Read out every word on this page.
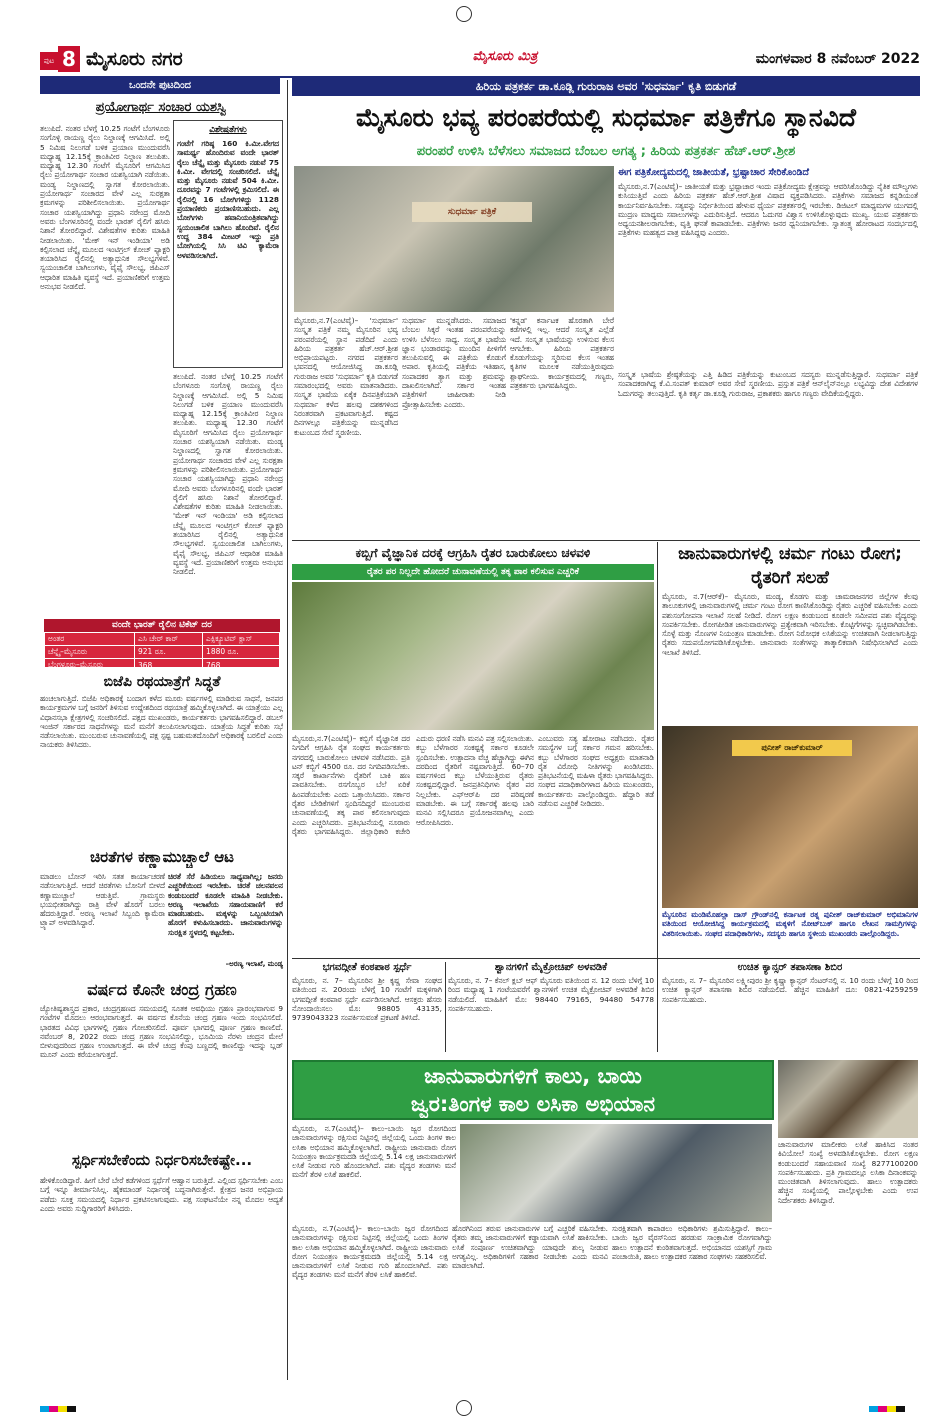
ಪುಟ 8 ಮೈಸೂರು ನಗರ	ಮೈಸೂರು ಮಿತ್ರ	ಮಂಗಳವಾರ 8 ನವೆಂಬರ್ 2022
ಒಂದನೇ ಪುಟದಿಂದ
ಪ್ರಯೋಗಾರ್ಥ ಸಂಚಾರ ಯಶಸ್ವಿ
ತಲುಪಿದೆ. ನಂತರ ಬೆಳಗ್ಗೆ 10.25 ಗಂಟೆಗೆ ಬೆಂಗಳೂರು ಸಂಗೊಳ್ಳಿ ರಾಯಣ್ಣ ರೈಲು ನಿಲ್ದಾಣಕ್ಕೆ ಆಗಮಿಸಿದೆ. ಅಲ್ಲಿ 5 ನಿಮಿಷ ನಿಲುಗಡೆ ಬಳಿಕ ಪ್ರಯಾಣ ಮುಂದುವರೆಸಿ ಮಧ್ಯಾಹ್ನ 12.15ಕ್ಕೆ ಕ್ರಾಂತಿವೀರ ನಿಲ್ದಾಣ ತಲುಪಿತು. ಮಧ್ಯಾಹ್ನ 12.30 ಗಂಟೆಗೆ ಮೈಸೂರಿಗೆ ಆಗಮಿಸಿದ ರೈಲು ಪ್ರಯೋಗಾರ್ಥ ಸಂಚಾರ ಯಶಸ್ವಿಯಾಗಿ ನಡೆಯಿತು. ಮಂಡ್ಯ ನಿಲ್ದಾಣದಲ್ಲಿ ಸ್ವಾಗತ ಕೋರಲಾಯಿತು. ಪ್ರಯೋಗಾರ್ಥ ಸಂಚಾರದ ವೇಳೆ ಎಲ್ಲ ಸುರಕ್ಷತಾ ಕ್ರಮಗಳನ್ನು ಪರಿಶೀಲಿಸಲಾಯಿತು. ಪ್ರಯೋಗಾರ್ಥ ಸಂಚಾರ ಯಶಸ್ವಿಯಾಗಿದ್ದು ಪ್ರಧಾನಿ ನರೇಂದ್ರ ಮೋದಿ ಅವರು ಬೆಂಗಳೂರಿನಲ್ಲಿ ವಂದೇ ಭಾರತ್ ರೈಲಿಗೆ ಹಸಿರು ನಿಶಾನೆ ತೋರಲಿದ್ದಾರೆ. ವಿಶೇಷತೆಗಳ ಕುರಿತು ಮಾಹಿತಿ ನೀಡಲಾಯಿತು. 'ಮೇಕ್ ಇನ್ ಇಂಡಿಯಾ' ಅಡಿ ಕಲ್ಪಿಸಲಾದ ಚೆನ್ನೈ ಮೂಲದ ಇಂಟಿಗ್ರಲ್ ಕೋಚ್ ಫ್ಯಾಕ್ಟರಿ ತಯಾರಿಸಿದ ರೈಲಿನಲ್ಲಿ ಅತ್ಯಾಧುನಿಕ ಸೌಲಭ್ಯಗಳಿವೆ. ಸ್ವಯಂಚಾಲಿತ ಬಾಗಿಲುಗಳು, ವೈಫೈ ಸೌಲಭ್ಯ, ಜಿಪಿಎಸ್ ಆಧಾರಿತ ಮಾಹಿತಿ ವ್ಯವಸ್ಥೆ ಇದೆ. ಪ್ರಯಾಣಿಕರಿಗೆ ಉತ್ತಮ ಅನುಭವ ನೀಡಲಿದೆ.
ವಿಶೇಷತೆಗಳು
ಗಂಟೆಗೆ ಗರಿಷ್ಠ 160 ಕಿ.ಮೀ.ವೇಗದ ಸಾಮರ್ಥ್ಯ ಹೊಂದಿರುವ ವಂದೇ ಭಾರತ್ ರೈಲು ಚೆನ್ನೈ ಮತ್ತು ಮೈಸೂರು ನಡುವೆ 75 ಕಿ.ಮೀ. ವೇಗದಲ್ಲಿ ಸಂಚರಿಸಲಿದೆ. ಚೆನ್ನೈ ಮತ್ತು ಮೈಸೂರು ನಡುವೆ 504 ಕಿ.ಮೀ. ದೂರವನ್ನು 7 ಗಂಟೆಗಳಲ್ಲಿ ಕ್ರಮಿಸಲಿದೆ. ಈ ರೈಲಿನಲ್ಲಿ 16 ಬೋಗಿಗಳಿದ್ದು 1128 ಪ್ರಯಾಣಿಕರು ಪ್ರಯಾಣಿಸಬಹುದು. ಎಲ್ಲ ಬೋಗಿಗಳು ಹವಾನಿಯಂತ್ರಿತವಾಗಿದ್ದು ಸ್ವಯಂಚಾಲಿತ ಬಾಗಿಲು ಹೊಂದಿವೆ. ರೈಲಿನ ಉದ್ದ 384 ಮೀಟರ್ ಇದ್ದು ಪ್ರತಿ ಬೋಗಿಯಲ್ಲಿ ಸಿಸಿ ಟಿವಿ ಕ್ಯಾಮೆರಾ ಅಳವಡಿಸಲಾಗಿದೆ.
ತಲುಪಿದೆ. ನಂತರ ಬೆಳಗ್ಗೆ 10.25 ಗಂಟೆಗೆ ಬೆಂಗಳೂರು ಸಂಗೊಳ್ಳಿ ರಾಯಣ್ಣ ರೈಲು ನಿಲ್ದಾಣಕ್ಕೆ ಆಗಮಿಸಿದೆ. ಅಲ್ಲಿ 5 ನಿಮಿಷ ನಿಲುಗಡೆ ಬಳಿಕ ಪ್ರಯಾಣ ಮುಂದುವರೆಸಿ ಮಧ್ಯಾಹ್ನ 12.15ಕ್ಕೆ ಕ್ರಾಂತಿವೀರ ನಿಲ್ದಾಣ ತಲುಪಿತು. ಮಧ್ಯಾಹ್ನ 12.30 ಗಂಟೆಗೆ ಮೈಸೂರಿಗೆ ಆಗಮಿಸಿದ ರೈಲು ಪ್ರಯೋಗಾರ್ಥ ಸಂಚಾರ ಯಶಸ್ವಿಯಾಗಿ ನಡೆಯಿತು. ಮಂಡ್ಯ ನಿಲ್ದಾಣದಲ್ಲಿ ಸ್ವಾಗತ ಕೋರಲಾಯಿತು. ಪ್ರಯೋಗಾರ್ಥ ಸಂಚಾರದ ವೇಳೆ ಎಲ್ಲ ಸುರಕ್ಷತಾ ಕ್ರಮಗಳನ್ನು ಪರಿಶೀಲಿಸಲಾಯಿತು. ಪ್ರಯೋಗಾರ್ಥ ಸಂಚಾರ ಯಶಸ್ವಿಯಾಗಿದ್ದು ಪ್ರಧಾನಿ ನರೇಂದ್ರ ಮೋದಿ ಅವರು ಬೆಂಗಳೂರಿನಲ್ಲಿ ವಂದೇ ಭಾರತ್ ರೈಲಿಗೆ ಹಸಿರು ನಿಶಾನೆ ತೋರಲಿದ್ದಾರೆ. ವಿಶೇಷತೆಗಳ ಕುರಿತು ಮಾಹಿತಿ ನೀಡಲಾಯಿತು. 'ಮೇಕ್ ಇನ್ ಇಂಡಿಯಾ' ಅಡಿ ಕಲ್ಪಿಸಲಾದ ಚೆನ್ನೈ ಮೂಲದ ಇಂಟಿಗ್ರಲ್ ಕೋಚ್ ಫ್ಯಾಕ್ಟರಿ ತಯಾರಿಸಿದ ರೈಲಿನಲ್ಲಿ ಅತ್ಯಾಧುನಿಕ ಸೌಲಭ್ಯಗಳಿವೆ. ಸ್ವಯಂಚಾಲಿತ ಬಾಗಿಲುಗಳು, ವೈಫೈ ಸೌಲಭ್ಯ, ಜಿಪಿಎಸ್ ಆಧಾರಿತ ಮಾಹಿತಿ ವ್ಯವಸ್ಥೆ ಇದೆ. ಪ್ರಯಾಣಿಕರಿಗೆ ಉತ್ತಮ ಅನುಭವ ನೀಡಲಿದೆ.
ವಂದೇ ಭಾರತ್ ರೈಲಿನ ಟಿಕೆಟ್ ದರ
ಅಂತರ	ಎಸಿ ಚೇರ್ ಕಾರ್	ಎಕ್ಸಿಕ್ಯೂಟಿವ್ ಕ್ಲಾಸ್
ಚೆನ್ನೈ–ಮೈಸೂರು	921 ರೂ.	1880 ರೂ.
ಬೆಂಗಳೂರು–ಮೈಸೂರು	368	768
ಬಿಜೆಪಿ ರಥಯಾತ್ರೆಗೆ ಸಿದ್ಧತೆ
ಹಂಚಲಾಗುತ್ತಿದೆ. ಬಿಜೆಪಿ ಅಧಿಕಾರಕ್ಕೆ ಬಂದಾಗ ಕಳೆದ ಮೂರು ವರ್ಷಗಳಲ್ಲಿ ಮಾಡಿರುವ ಸಾಧನೆ, ಜನಪರ ಕಾರ್ಯಕ್ರಮಗಳ ಬಗ್ಗೆ ಜನರಿಗೆ ತಿಳಿಸುವ ಉದ್ದೇಶದಿಂದ ರಥಯಾತ್ರೆ ಹಮ್ಮಿಕೊಳ್ಳಲಾಗಿದೆ. ಈ ಯಾತ್ರೆಯು ಎಲ್ಲ ವಿಧಾನಸಭಾ ಕ್ಷೇತ್ರಗಳಲ್ಲಿ ಸಂಚರಿಸಲಿದೆ. ಪಕ್ಷದ ಮುಖಂಡರು, ಕಾರ್ಯಕರ್ತರು ಭಾಗವಹಿಸಲಿದ್ದಾರೆ. ಡಬಲ್ ಇಂಜಿನ್ ಸರ್ಕಾರದ ಸಾಧನೆಗಳನ್ನು ಮನೆ ಮನೆಗೆ ತಲುಪಿಸಲಾಗುವುದು. ಯಾತ್ರೆಯ ಸಿದ್ಧತೆ ಕುರಿತು ಸಭೆ ನಡೆಸಲಾಯಿತು. ಮುಂಬರುವ ಚುನಾವಣೆಯಲ್ಲಿ ಪಕ್ಷ ಸ್ಪಷ್ಟ ಬಹುಮತದೊಂದಿಗೆ ಅಧಿಕಾರಕ್ಕೆ ಬರಲಿದೆ ಎಂದು ನಾಯಕರು ತಿಳಿಸಿದರು.
ಚಿರತೆಗಳ ಕಣ್ಣಾಮುಚ್ಚಾಲೆ ಆಟ
ಮಾಡಲು ಬೋನ್ ಇರಿಸಿ ಸತತ ಕಾರ್ಯಾಚರಣೆ ನಡೆಸಲಾಗುತ್ತಿದೆ. ಆದರೆ ಚಿರತೆಗಳು ಬೋನಿಗೆ ಬೀಳದೆ ಕಣ್ಣಾಮುಚ್ಚಾಲೆ ಆಡುತ್ತಿವೆ. ಗ್ರಾಮಸ್ಥರು ಭಯಭೀತರಾಗಿದ್ದು ರಾತ್ರಿ ವೇಳೆ ಹೊರಗೆ ಬರಲು ಹೆದರುತ್ತಿದ್ದಾರೆ. ಅರಣ್ಯ ಇಲಾಖೆ ಸಿಬ್ಬಂದಿ ಕ್ಯಾಮೆರಾ ಟ್ರ್ಯಾಪ್ ಅಳವಡಿಸಿದ್ದಾರೆ.
ಚಿರತೆ ಸೆರೆ ಹಿಡಿಯಲು ಸಾಧ್ಯವಾಗಿಲ್ಲ; ಜನರು ಎಚ್ಚರಿಕೆಯಿಂದ ಇರಬೇಕು. ಚಿರತೆ ಚಲನವಲನ ಕಂಡುಬಂದರೆ ಕೂಡಲೇ ಮಾಹಿತಿ ನೀಡಬೇಕು. ಅರಣ್ಯ ಇಲಾಖೆಯ ಸಹಾಯವಾಣಿಗೆ ಕರೆ ಮಾಡಬಹುದು. ಮಕ್ಕಳನ್ನು ಒಬ್ಬಂಟಿಯಾಗಿ ಹೊರಗೆ ಕಳುಹಿಸಬಾರದು. ಜಾನುವಾರುಗಳನ್ನು ಸುರಕ್ಷಿತ ಸ್ಥಳದಲ್ಲಿ ಕಟ್ಟಬೇಕು.
–ಅರಣ್ಯ ಇಲಾಖೆ, ಮಂಡ್ಯ
ವರ್ಷದ ಕೊನೇ ಚಂದ್ರ ಗ್ರಹಣ
ಜ್ಯೋತಿಷ್ಯಶಾಸ್ತ್ರದ ಪ್ರಕಾರ, ಚಂದ್ರಗ್ರಹಣದ ಸಮಯದಲ್ಲಿ ಸೂತಕ ಅವಧಿಯು ಗ್ರಹಣ ಪ್ರಾರಂಭವಾಗುವ 9 ಗಂಟೆಗಳ ಮೊದಲು ಆರಂಭವಾಗುತ್ತದೆ. ಈ ವರ್ಷದ ಕೊನೆಯ ಚಂದ್ರ ಗ್ರಹಣ ಇಂದು ಸಂಭವಿಸಲಿದೆ. ಭಾರತದ ವಿವಿಧ ಭಾಗಗಳಲ್ಲಿ ಗ್ರಹಣ ಗೋಚರಿಸಲಿದೆ. ಪೂರ್ವ ಭಾಗದಲ್ಲಿ ಪೂರ್ಣ ಗ್ರಹಣ ಕಾಣಲಿದೆ. ನವೆಂಬರ್ 8, 2022 ರಂದು ಚಂದ್ರ ಗ್ರಹಣ ಸಂಭವಿಸಲಿದ್ದು, ಭೂಮಿಯ ನೆರಳು ಚಂದ್ರನ ಮೇಲೆ ಬೀಳುವುದರಿಂದ ಗ್ರಹಣ ಉಂಟಾಗುತ್ತದೆ. ಈ ವೇಳೆ ಚಂದ್ರ ಕೆಂಪು ಬಣ್ಣದಲ್ಲಿ ಕಾಣಲಿದ್ದು ಇದನ್ನು ಬ್ಲಡ್ ಮೂನ್ ಎಂದು ಕರೆಯಲಾಗುತ್ತದೆ.
ಸ್ಪರ್ಧಿಸಬೇಕೆಂದು ನಿರ್ಧರಿಸಬೇಕಷ್ಟೇ...
ಹೇಳಿಕೊಂಡಿದ್ದಾರೆ. ಹೀಗೆ ಬೇರೆ ಬೇರೆ ಕಡೆಗಳಿಂದ ಸ್ಪರ್ಧೆಗೆ ಆಹ್ವಾನ ಬರುತ್ತಿದೆ. ಎಲ್ಲಿಂದ ಸ್ಪರ್ಧಿಸಬೇಕು ಎಂಬ ಬಗ್ಗೆ ಇನ್ನೂ ತೀರ್ಮಾನಿಸಿಲ್ಲ. ಹೈಕಮಾಂಡ್ ನಿರ್ಧಾರಕ್ಕೆ ಬದ್ಧನಾಗಿರುತ್ತೇನೆ. ಕ್ಷೇತ್ರದ ಜನರ ಅಭಿಪ್ರಾಯ ಪಡೆದು ಸೂಕ್ತ ಸಮಯದಲ್ಲಿ ನಿರ್ಧಾರ ಪ್ರಕಟಿಸಲಾಗುವುದು. ಪಕ್ಷ ಸಂಘಟನೆಯೇ ನನ್ನ ಮೊದಲ ಆದ್ಯತೆ ಎಂದು ಅವರು ಸುದ್ದಿಗಾರರಿಗೆ ತಿಳಿಸಿದರು.
ಹಿರಿಯ ಪತ್ರಕರ್ತ ಡಾ.ಕೂಡ್ಲಿ ಗುರುರಾಜ ಅವರ 'ಸುಧರ್ಮಾ' ಕೃತಿ ಬಿಡುಗಡೆ
ಮೈಸೂರು ಭವ್ಯ ಪರಂಪರೆಯಲ್ಲಿ ಸುಧರ್ಮಾ ಪತ್ರಿಕೆಗೂ ಸ್ಥಾನವಿದೆ
ಪರಂಪರೆ ಉಳಿಸಿ ಬೆಳೆಸಲು ಸಮಾಜದ ಬೆಂಬಲ ಅಗತ್ಯ ; ಹಿರಿಯ ಪತ್ರಕರ್ತ ಹೆಚ್.ಆರ್.ಶ್ರೀಶ
ಸುಧರ್ಮಾ ಪತ್ರಿಕೆ
ಈಗ ಪತ್ರಿಕೋದ್ಯಮದಲ್ಲಿ ಜಾತೀಯತೆ, ಭ್ರಷ್ಟಾಚಾರ ಸೇರಿಕೊಂಡಿದೆ
ಮೈಸೂರು,ನ.7(ಎಂಟಿವೈ)– ಜಾತೀಯತೆ ಮತ್ತು ಭ್ರಷ್ಟಾಚಾರ ಇಂದು ಪತ್ರಿಕೋದ್ಯಮ ಕ್ಷೇತ್ರವನ್ನು ಆವರಿಸಿಕೊಂಡಿದ್ದು ನೈತಿಕ ಮೌಲ್ಯಗಳು ಕುಸಿಯುತ್ತಿವೆ ಎಂದು ಹಿರಿಯ ಪತ್ರಕರ್ತ ಹೆಚ್.ಆರ್.ಶ್ರೀಶ ವಿಷಾದ ವ್ಯಕ್ತಪಡಿಸಿದರು. ಪತ್ರಿಕೆಗಳು ಸಮಾಜದ ಕನ್ನಡಿಯಂತೆ ಕಾರ್ಯನಿರ್ವಹಿಸಬೇಕು. ಸತ್ಯವನ್ನು ನಿರ್ಭೀತಿಯಿಂದ ಹೇಳುವ ಧೈರ್ಯ ಪತ್ರಕರ್ತರಲ್ಲಿ ಇರಬೇಕು. ಡಿಜಿಟಲ್ ಮಾಧ್ಯಮಗಳ ಯುಗದಲ್ಲಿ ಮುದ್ರಣ ಮಾಧ್ಯಮ ಸವಾಲುಗಳನ್ನು ಎದುರಿಸುತ್ತಿದೆ. ಆದರೂ ಓದುಗರ ವಿಶ್ವಾಸ ಉಳಿಸಿಕೊಳ್ಳುವುದು ಮುಖ್ಯ. ಯುವ ಪತ್ರಕರ್ತರು ಅಧ್ಯಯನಶೀಲರಾಗಬೇಕು, ವೃತ್ತಿ ಘನತೆ ಕಾಪಾಡಬೇಕು. ಪತ್ರಿಕೆಗಳು ಜನರ ಧ್ವನಿಯಾಗಬೇಕು. ಸ್ವಾತಂತ್ರ್ಯ ಹೋರಾಟದ ಸಂದರ್ಭದಲ್ಲಿ ಪತ್ರಿಕೆಗಳು ಮಹತ್ವದ ಪಾತ್ರ ವಹಿಸಿದ್ದವು ಎಂದರು.
ಮೈಸೂರು,ನ.7(ಎಂಟಿವೈ)– 'ಸುಧರ್ಮಾ' ಸಂಸ್ಕೃತ ಪತ್ರಿಕೆ ನಮ್ಮ ಮೈಸೂರಿನ ಭವ್ಯ ಪರಂಪರೆಯಲ್ಲಿ ಸ್ಥಾನ ಪಡೆದಿದೆ ಎಂದು ಹಿರಿಯ ಪತ್ರಕರ್ತ ಹೆಚ್.ಆರ್.ಶ್ರೀಶ ಅಭಿಪ್ರಾಯಪಟ್ಟರು. ನಗರದ ಪತ್ರಕರ್ತರ ಭವನದಲ್ಲಿ ಆಯೋಜಿಸಿದ್ದ ಡಾ.ಕೂಡ್ಲಿ ಗುರುರಾಜ ಅವರ 'ಸುಧರ್ಮಾ' ಕೃತಿ ಬಿಡುಗಡೆ ಸಮಾರಂಭದಲ್ಲಿ ಅವರು ಮಾತನಾಡಿದರು. ಸಂಸ್ಕೃತ ಭಾಷೆಯ ಏಕೈಕ ದಿನಪತ್ರಿಕೆಯಾಗಿ ಸುಧರ್ಮಾ ಕಳೆದ ಹಲವು ದಶಕಗಳಿಂದ ನಿರಂತರವಾಗಿ ಪ್ರಕಟವಾಗುತ್ತಿದೆ. ಕಷ್ಟದ ದಿನಗಳಲ್ಲೂ ಪತ್ರಿಕೆಯನ್ನು ಮುನ್ನಡೆಸಿದ ಕುಟುಂಬದ ಸೇವೆ ಸ್ಮರಣೀಯ.
ಸುಧರ್ಮಾ ಮುನ್ನಡೆಸಿದರು. ಸಮಾಜದ ಬೆಂಬಲ ಸಿಕ್ಕರೆ ಇಂತಹ ಪರಂಪರೆಯನ್ನು ಉಳಿಸಿ ಬೆಳೆಸಲು ಸಾಧ್ಯ. ಸಂಸ್ಕೃತ ಭಾಷೆಯ ಜ್ಞಾನ ಭಂಡಾರವನ್ನು ಮುಂದಿನ ಪೀಳಿಗೆಗೆ ತಲುಪಿಸುವಲ್ಲಿ ಈ ಪತ್ರಿಕೆಯ ಕೊಡುಗೆ ಅಪಾರ. ಕೃತಿಯಲ್ಲಿ ಪತ್ರಿಕೆಯ ಇತಿಹಾಸ, ಸಂಪಾದಕರ ತ್ಯಾಗ ಮತ್ತು ಶ್ರಮವನ್ನು ದಾಖಲಿಸಲಾಗಿದೆ. ಸರ್ಕಾರ ಇಂತಹ ಪತ್ರಿಕೆಗಳಿಗೆ ಜಾಹೀರಾತು ನೀಡಿ ಪ್ರೋತ್ಸಾಹಿಸಬೇಕು ಎಂದರು.
'ಕನ್ನಡ' ಕರ್ನಾಟಕ ಹೊರತಾಗಿ ಬೇರೆ ಕಡೆಗಳಲ್ಲಿ ಇಲ್ಲ. ಆದರೆ ಸಂಸ್ಕೃತ ಎಲ್ಲೆಡೆ ಇದೆ. ಸಂಸ್ಕೃತ ಭಾಷೆಯನ್ನು ಉಳಿಸುವ ಕೆಲಸ ಆಗಬೇಕು. ಹಿರಿಯ ಪತ್ರಕರ್ತರ ಕೊಡುಗೆಯನ್ನು ಸ್ಮರಿಸುವ ಕೆಲಸ ಇಂತಹ ಕೃತಿಗಳ ಮೂಲಕ ನಡೆಯುತ್ತಿರುವುದು ಶ್ಲಾಘನೀಯ. ಕಾರ್ಯಕ್ರಮದಲ್ಲಿ ಗಣ್ಯರು, ಪತ್ರಕರ್ತರು ಭಾಗವಹಿಸಿದ್ದರು.
ಸಂಸ್ಕೃತ ಭಾಷೆಯ ಶ್ರೇಷ್ಠತೆಯನ್ನು ಎತ್ತಿ ಹಿಡಿದ ಪತ್ರಿಕೆಯನ್ನು ಕುಟುಂಬದ ಸದಸ್ಯರು ಮುನ್ನಡೆಸುತ್ತಿದ್ದಾರೆ. ಸುಧರ್ಮಾ ಪತ್ರಿಕೆ ಸಂಪಾದಕರಾಗಿದ್ದ ಕೆ.ವಿ.ಸಂಪತ್ ಕುಮಾರ್ ಅವರ ಸೇವೆ ಸ್ಮರಣೀಯ. ಪ್ರಸ್ತುತ ಪತ್ರಿಕೆ ಆನ್‌ಲೈನ್‌ನಲ್ಲೂ ಲಭ್ಯವಿದ್ದು ದೇಶ ವಿದೇಶಗಳ ಓದುಗರನ್ನು ತಲುಪುತ್ತಿದೆ. ಕೃತಿ ಕರ್ತೃ ಡಾ.ಕೂಡ್ಲಿ ಗುರುರಾಜ, ಪ್ರಕಾಶಕರು ಹಾಗೂ ಗಣ್ಯರು ವೇದಿಕೆಯಲ್ಲಿದ್ದರು.
ಕಬ್ಬಿಗೆ ವೈಜ್ಞಾನಿಕ ದರಕ್ಕೆ ಆಗ್ರಹಿಸಿ ರೈತರ ಬಾರುಕೋಲು ಚಳವಳಿ
ರೈತರ ಪರ ನಿಲ್ಲದೇ ಹೋದರೆ ಚುನಾವಣೆಯಲ್ಲಿ ತಕ್ಕ ಪಾಠ ಕಲಿಸುವ ಎಚ್ಚರಿಕೆ
ಮೈಸೂರು,ನ.7(ಎಂಟಿವೈ)– ಕಬ್ಬಿಗೆ ವೈಜ್ಞಾನಿಕ ದರ ನಿಗದಿಗೆ ಆಗ್ರಹಿಸಿ ರೈತ ಸಂಘದ ಕಾರ್ಯಕರ್ತರು ನಗರದಲ್ಲಿ ಬಾರುಕೋಲು ಚಳವಳಿ ನಡೆಸಿದರು. ಪ್ರತಿ ಟನ್ ಕಬ್ಬಿಗೆ 4500 ರೂ. ದರ ನಿಗದಿಪಡಿಸಬೇಕು. ಸಕ್ಕರೆ ಕಾರ್ಖಾನೆಗಳು ರೈತರಿಗೆ ಬಾಕಿ ಹಣ ಪಾವತಿಸಬೇಕು. ರಸಗೊಬ್ಬರ ಬೆಲೆ ಏರಿಕೆ ಹಿಂಪಡೆಯಬೇಕು ಎಂದು ಒತ್ತಾಯಿಸಿದರು. ಸರ್ಕಾರ ರೈತರ ಬೇಡಿಕೆಗಳಿಗೆ ಸ್ಪಂದಿಸದಿದ್ದರೆ ಮುಂಬರುವ ಚುನಾವಣೆಯಲ್ಲಿ ತಕ್ಕ ಪಾಠ ಕಲಿಸಲಾಗುವುದು ಎಂದು ಎಚ್ಚರಿಸಿದರು. ಪ್ರತಿಭಟನೆಯಲ್ಲಿ ನೂರಾರು ರೈತರು ಭಾಗವಹಿಸಿದ್ದರು. ಜಿಲ್ಲಾಧಿಕಾರಿ ಕಚೇರಿ ಎದುರು ಧರಣಿ ನಡೆಸಿ ಮನವಿ ಪತ್ರ ಸಲ್ಲಿಸಲಾಯಿತು. ಕಬ್ಬು ಬೆಳೆಗಾರರ ಸಂಕಷ್ಟಕ್ಕೆ ಸರ್ಕಾರ ಕೂಡಲೇ ಸ್ಪಂದಿಸಬೇಕು. ಉತ್ಪಾದನಾ ವೆಚ್ಚ ಹೆಚ್ಚಾಗಿದ್ದು ಈಗಿನ ದರದಿಂದ ರೈತರಿಗೆ ನಷ್ಟವಾಗುತ್ತಿದೆ. 60–70 ವರ್ಷಗಳಿಂದ ಕಬ್ಬು ಬೆಳೆಯುತ್ತಿರುವ ರೈತರು ಸಂಕಷ್ಟದಲ್ಲಿದ್ದಾರೆ. ಜನಪ್ರತಿನಿಧಿಗಳು ರೈತರ ಪರ ನಿಲ್ಲಬೇಕು. ಎಫ್‌ಆರ್‌ಪಿ ದರ ಪರಿಷ್ಕರಣೆ ಮಾಡಬೇಕು. ಈ ಬಗ್ಗೆ ಸರ್ಕಾರಕ್ಕೆ ಹಲವು ಬಾರಿ ಮನವಿ ಸಲ್ಲಿಸಿದರೂ ಪ್ರಯೋಜನವಾಗಿಲ್ಲ ಎಂದು ಆರೋಪಿಸಿದರು.
ಎಂಬುವರು ಸತ್ಯ ಹೋರಾಟ ನಡೆಸಿದರು. ರೈತರ ಸಮಸ್ಯೆಗಳ ಬಗ್ಗೆ ಸರ್ಕಾರ ಗಮನ ಹರಿಸಬೇಕು. ಕಬ್ಬು ಬೆಳೆಗಾರರ ಸಂಘದ ಅಧ್ಯಕ್ಷರು ಮಾತನಾಡಿ ರೈತ ವಿರೋಧಿ ನೀತಿಗಳನ್ನು ಖಂಡಿಸಿದರು. ಪ್ರತಿಭಟನೆಯಲ್ಲಿ ಮಹಿಳಾ ರೈತರು ಭಾಗವಹಿಸಿದ್ದರು. ಸಂಘದ ಪದಾಧಿಕಾರಿಗಳಾದ ಹಿರಿಯ ಮುಖಂಡರು, ಕಾರ್ಯಕರ್ತರು ಪಾಲ್ಗೊಂಡಿದ್ದರು. ಹೆದ್ದಾರಿ ತಡೆ ನಡೆಸುವ ಎಚ್ಚರಿಕೆ ನೀಡಿದರು.
ಜಾನುವಾರುಗಳಲ್ಲಿ ಚರ್ಮ ಗಂಟು ರೋಗ; ರೈತರಿಗೆ ಸಲಹೆ
ಮೈಸೂರು, ನ.7(ಆರ್‌ಕೆ)– ಮೈಸೂರು, ಮಂಡ್ಯ, ಕೊಡಗು ಮತ್ತು ಚಾಮರಾಜನಗರ ಜಿಲ್ಲೆಗಳ ಕೆಲವು ತಾಲೂಕುಗಳಲ್ಲಿ ಜಾನುವಾರುಗಳಲ್ಲಿ ಚರ್ಮ ಗಂಟು ರೋಗ ಕಾಣಿಸಿಕೊಂಡಿದ್ದು ರೈತರು ಎಚ್ಚರಿಕೆ ವಹಿಸಬೇಕು ಎಂದು ಪಶುಸಂಗೋಪನಾ ಇಲಾಖೆ ಸಲಹೆ ನೀಡಿದೆ. ರೋಗ ಲಕ್ಷಣ ಕಂಡುಬಂದ ಕೂಡಲೇ ಸಮೀಪದ ಪಶು ವೈದ್ಯರನ್ನು ಸಂಪರ್ಕಿಸಬೇಕು. ರೋಗಪೀಡಿತ ಜಾನುವಾರುಗಳನ್ನು ಪ್ರತ್ಯೇಕವಾಗಿ ಇರಿಸಬೇಕು. ಕೊಟ್ಟಿಗೆಗಳನ್ನು ಸ್ವಚ್ಛವಾಗಿಡಬೇಕು. ಸೊಳ್ಳೆ ಮತ್ತು ನೊಣಗಳ ನಿಯಂತ್ರಣ ಮಾಡಬೇಕು. ರೋಗ ನಿರೋಧಕ ಲಸಿಕೆಯನ್ನು ಉಚಿತವಾಗಿ ನೀಡಲಾಗುತ್ತಿದ್ದು ರೈತರು ಸದುಪಯೋಗಪಡಿಸಿಕೊಳ್ಳಬೇಕು. ಜಾನುವಾರು ಸಂತೆಗಳನ್ನು ತಾತ್ಕಾಲಿಕವಾಗಿ ನಿಷೇಧಿಸಲಾಗಿದೆ ಎಂದು ಇಲಾಖೆ ತಿಳಿಸಿದೆ.
ಪುನೀತ್ ರಾಜ್‌ಕುಮಾರ್
ಮೈಸೂರಿನ ಮಂಡಿಮೊಹಲ್ಲಾ ದಾಸ್ ಗ್ರೌಂಡ್‌ನಲ್ಲಿ ಕರ್ನಾಟಕ ರತ್ನ ಪುನೀತ್ ರಾಜ್‌ಕುಮಾರ್ ಅಭಿಮಾನಿಗಳ ವತಿಯಿಂದ ಆಯೋಜಿಸಿದ್ದ ಕಾರ್ಯಕ್ರಮದಲ್ಲಿ ಮಕ್ಕಳಿಗೆ ನೋಟ್‌ಬುಕ್ ಹಾಗೂ ಲೇಖನ ಸಾಮಗ್ರಿಗಳನ್ನು ವಿತರಿಸಲಾಯಿತು. ಸಂಘದ ಪದಾಧಿಕಾರಿಗಳು, ಸದಸ್ಯರು ಹಾಗೂ ಸ್ಥಳೀಯ ಮುಖಂಡರು ಪಾಲ್ಗೊಂಡಿದ್ದರು.
ಭಗವದ್ಗೀತೆ ಕಂಠಪಾಠ ಸ್ಪರ್ಧೆ
ಮೈಸೂರು, ನ. 7– ಮೈಸೂರಿನ ಶ್ರೀ ಕೃಷ್ಣ ಸೇವಾ ಸಂಘದ ವತಿಯಿಂದ ನ. 20ರಂದು ಬೆಳಿಗ್ಗೆ 10 ಗಂಟೆಗೆ ಮಕ್ಕಳಿಗಾಗಿ ಭಗವದ್ಗೀತೆ ಕಂಠಪಾಠ ಸ್ಪರ್ಧೆ ಏರ್ಪಡಿಸಲಾಗಿದೆ. ಆಸಕ್ತರು ಹೆಸರು ನೋಂದಾಯಿಸಲು ಮೊ: 98805 43135, 9739043323 ಸಂಪರ್ಕಿಸುವಂತೆ ಪ್ರಕಟಣೆ ತಿಳಿಸಿದೆ.
ಶ್ವಾನಗಳಿಗೆ ಮೈಕ್ರೋಚಿಪ್ ಅಳವಡಿಕೆ
ಮೈಸೂರು, ನ. 7– ಕೆನಲ್ ಕ್ಲಬ್ ಆಫ್ ಮೈಸೂರು ವತಿಯಿಂದ ನ. 12 ರಂದು ಬೆಳಿಗ್ಗೆ 10 ರಿಂದ ಮಧ್ಯಾಹ್ನ 1 ಗಂಟೆಯವರೆಗೆ ಶ್ವಾನಗಳಿಗೆ ಉಚಿತ ಮೈಕ್ರೋಚಿಪ್ ಅಳವಡಿಕೆ ಶಿಬಿರ ನಡೆಯಲಿದೆ. ಮಾಹಿತಿಗೆ ಮೊ: 98440 79165, 94480 54778 ಸಂಪರ್ಕಿಸಬಹುದು.
ಉಚಿತ ಕ್ಯಾನ್ಸರ್ ತಪಾಸಣಾ ಶಿಬಿರ
ಮೈಸೂರು, ನ. 7– ಮೈಸೂರಿನ ಲಕ್ಷ್ಮೀಪುರಂ ಶ್ರೀ ಕೃಷ್ಣಾ ಕ್ಯಾನ್ಸರ್ ಸೆಂಟರ್‌ನಲ್ಲಿ ನ. 10 ರಂದು ಬೆಳಿಗ್ಗೆ 10 ರಿಂದ ಉಚಿತ ಕ್ಯಾನ್ಸರ್ ತಪಾಸಣಾ ಶಿಬಿರ ನಡೆಯಲಿದೆ. ಹೆಚ್ಚಿನ ಮಾಹಿತಿಗೆ ದೂ: 0821-4259259 ಸಂಪರ್ಕಿಸಬಹುದು.
ಜಾನುವಾರುಗಳಿಗೆ ಕಾಲು, ಬಾಯಿ
ಜ್ವರ:ತಿಂಗಳ ಕಾಲ ಲಸಿಕಾ ಅಭಿಯಾನ
ಮೈಸೂರು, ನ.7(ಎಂಟಿವೈ)– ಕಾಲು–ಬಾಯಿ ಜ್ವರ ರೋಗದಿಂದ ಜಾನುವಾರುಗಳನ್ನು ರಕ್ಷಿಸುವ ನಿಟ್ಟಿನಲ್ಲಿ ಜಿಲ್ಲೆಯಲ್ಲಿ ಒಂದು ತಿಂಗಳ ಕಾಲ ಲಸಿಕಾ ಅಭಿಯಾನ ಹಮ್ಮಿಕೊಳ್ಳಲಾಗಿದೆ. ರಾಷ್ಟ್ರೀಯ ಜಾನುವಾರು ರೋಗ ನಿಯಂತ್ರಣ ಕಾರ್ಯಕ್ರಮದಡಿ ಜಿಲ್ಲೆಯಲ್ಲಿ 5.14 ಲಕ್ಷ ಜಾನುವಾರುಗಳಿಗೆ ಲಸಿಕೆ ನೀಡುವ ಗುರಿ ಹೊಂದಲಾಗಿದೆ. ಪಶು ವೈದ್ಯರ ತಂಡಗಳು ಮನೆ ಮನೆಗೆ ತೆರಳಿ ಲಸಿಕೆ ಹಾಕಲಿವೆ.
ಜಾನುವಾರುಗಳ ಮಾಲೀಕರು ಲಸಿಕೆ ಹಾಕಿಸಿದ ನಂತರ ಕಿವಿಯೋಲೆ ಸಂಖ್ಯೆ ಅಳವಡಿಸಿಕೊಳ್ಳಬೇಕು. ರೋಗ ಲಕ್ಷಣ ಕಂಡುಬಂದರೆ ಸಹಾಯವಾಣಿ ಸಂಖ್ಯೆ 8277100200 ಸಂಪರ್ಕಿಸಬಹುದು. ಪ್ರತಿ ಗ್ರಾಮದಲ್ಲೂ ಲಸಿಕಾ ದಿನಾಂಕವನ್ನು ಮುಂಚಿತವಾಗಿ ತಿಳಿಸಲಾಗುವುದು. ಹಾಲು ಉತ್ಪಾದಕರು ಹೆಚ್ಚಿನ ಸಂಖ್ಯೆಯಲ್ಲಿ ಪಾಲ್ಗೊಳ್ಳಬೇಕು ಎಂದು ಉಪ ನಿರ್ದೇಶಕರು ತಿಳಿಸಿದ್ದಾರೆ.
ಮೈಸೂರು, ನ.7(ಎಂಟಿವೈ)– ಕಾಲು–ಬಾಯಿ ಜ್ವರ ರೋಗದಿಂದ ಜಾನುವಾರುಗಳನ್ನು ರಕ್ಷಿಸುವ ನಿಟ್ಟಿನಲ್ಲಿ ಜಿಲ್ಲೆಯಲ್ಲಿ ಒಂದು ತಿಂಗಳ ಕಾಲ ಲಸಿಕಾ ಅಭಿಯಾನ ಹಮ್ಮಿಕೊಳ್ಳಲಾಗಿದೆ. ರಾಷ್ಟ್ರೀಯ ಜಾನುವಾರು ರೋಗ ನಿಯಂತ್ರಣ ಕಾರ್ಯಕ್ರಮದಡಿ ಜಿಲ್ಲೆಯಲ್ಲಿ 5.14 ಲಕ್ಷ ಜಾನುವಾರುಗಳಿಗೆ ಲಸಿಕೆ ನೀಡುವ ಗುರಿ ಹೊಂದಲಾಗಿದೆ. ಪಶು ವೈದ್ಯರ ತಂಡಗಳು ಮನೆ ಮನೆಗೆ ತೆರಳಿ ಲಸಿಕೆ ಹಾಕಲಿವೆ.
ಹೊರಗಿನಿಂದ ತರುವ ಜಾನುವಾರುಗಳ ಬಗ್ಗೆ ಎಚ್ಚರಿಕೆ ವಹಿಸಬೇಕು. ರೈತರು ತಮ್ಮ ಜಾನುವಾರುಗಳಿಗೆ ಕಡ್ಡಾಯವಾಗಿ ಲಸಿಕೆ ಹಾಕಿಸಬೇಕು. ಲಸಿಕೆ ಸಂಪೂರ್ಣ ಉಚಿತವಾಗಿದ್ದು ಯಾವುದೇ ಶುಲ್ಕ ನೀಡುವ ಅಗತ್ಯವಿಲ್ಲ. ಅಧಿಕಾರಿಗಳಿಗೆ ಸಹಕಾರ ನೀಡಬೇಕು ಎಂದು ಮನವಿ ಮಾಡಲಾಗಿದೆ.
ಸುರಕ್ಷಿತವಾಗಿ ಕಾಪಾಡಲು ಅಧಿಕಾರಿಗಳು ಶ್ರಮಿಸುತ್ತಿದ್ದಾರೆ. ಕಾಲು–ಬಾಯಿ ಜ್ವರ ವೈರಸ್‌ನಿಂದ ಹರಡುವ ಸಾಂಕ್ರಾಮಿಕ ರೋಗವಾಗಿದ್ದು ಹಾಲು ಉತ್ಪಾದನೆ ಕುಂಠಿತವಾಗುತ್ತದೆ. ಅಭಿಯಾನದ ಯಶಸ್ಸಿಗೆ ಗ್ರಾಮ ಪಂಚಾಯಿತಿ, ಹಾಲು ಉತ್ಪಾದಕರ ಸಹಕಾರ ಸಂಘಗಳು ಸಹಕರಿಸಲಿವೆ.
